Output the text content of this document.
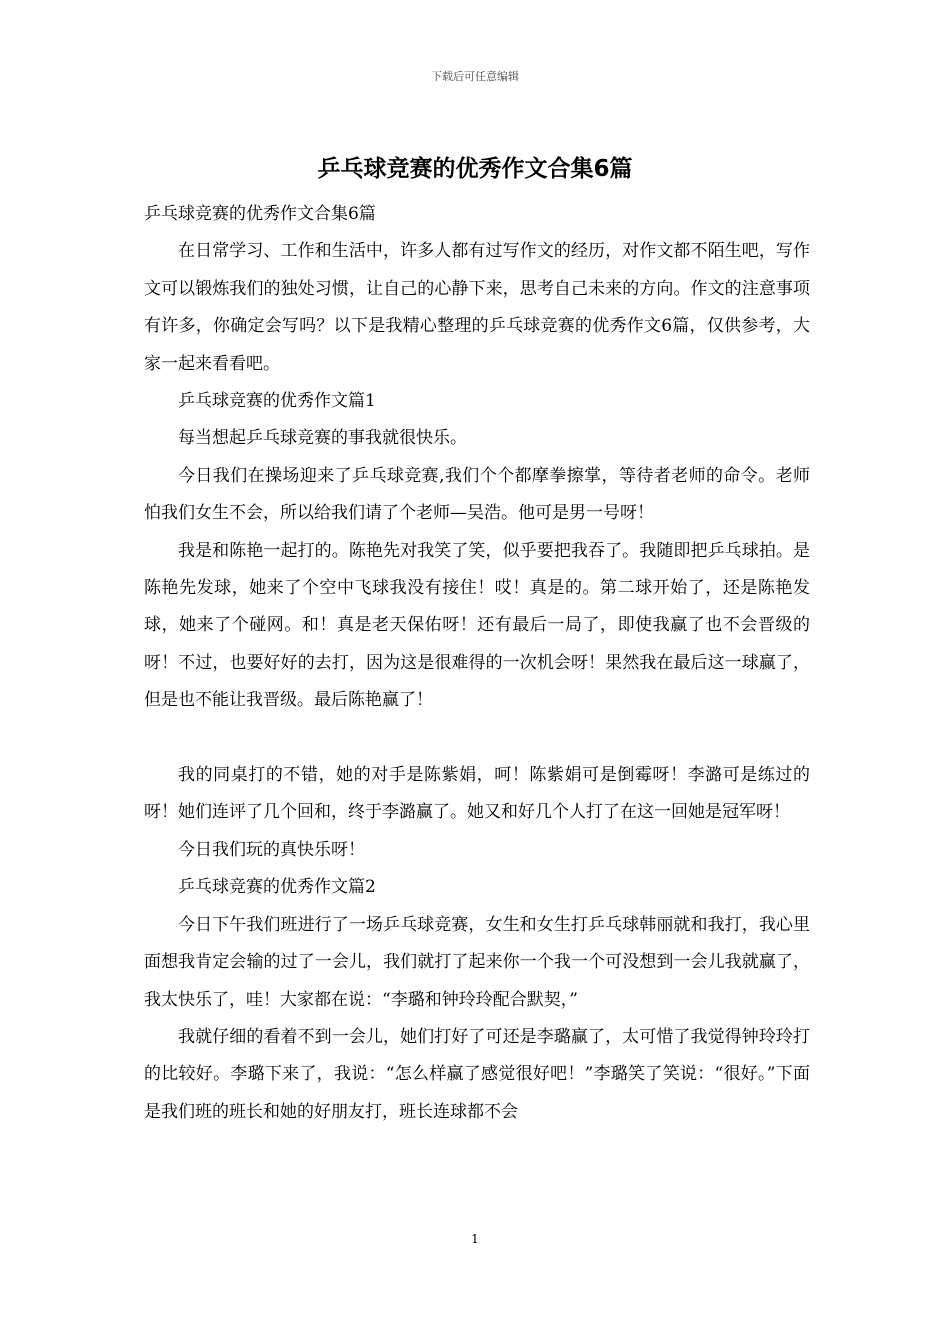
下载后可任意编辑
乒乓球竞赛的优秀作文合集6篇

乒乓球竞赛的优秀作文合集6篇

在日常学习、工作和生活中，许多人都有过写作文的经历，对作文都不陌生吧，写作文可以锻炼我们的独处习惯，让自己的心静下来，思考自己未来的方向。作文的注意事项有许多，你确定会写吗？以下是我精心整理的乒乓球竞赛的优秀作文6篇，仅供参考，大家一起来看看吧。

乒乓球竞赛的优秀作文篇1

每当想起乒乓球竞赛的事我就很快乐。

今日我们在操场迎来了乒乓球竞赛,我们个个都摩拳擦掌，等待者老师的命令。老师怕我们女生不会，所以给我们请了个老师—吴浩。他可是男一号呀！

我是和陈艳一起打的。陈艳先对我笑了笑，似乎要把我吞了。我随即把乒乓球拍。是陈艳先发球，她来了个空中飞球我没有接住！哎！真是的。第二球开始了，还是陈艳发球，她来了个碰网。和！真是老天保佑呀！还有最后一局了，即使我赢了也不会晋级的呀！不过，也要好好的去打，因为这是很难得的一次机会呀！果然我在最后这一球赢了，但是也不能让我晋级。最后陈艳赢了！

我的同桌打的不错，她的对手是陈紫娟，呵！陈紫娟可是倒霉呀！李潞可是练过的呀！她们连评了几个回和，终于李潞赢了。她又和好几个人打了在这一回她是冠军呀！

今日我们玩的真快乐呀！

乒乓球竞赛的优秀作文篇2

今日下午我们班进行了一场乒乓球竞赛，女生和女生打乒乓球韩丽就和我打，我心里面想我肯定会输的过了一会儿，我们就打了起来你一个我一个可没想到一会儿我就赢了，我太快乐了，哇！大家都在说：“李璐和钟玲玲配合默契，”

我就仔细的看着不到一会儿，她们打好了可还是李璐赢了，太可惜了我觉得钟玲玲打的比较好。李璐下来了，我说：“怎么样赢了感觉很好吧！”李璐笑了笑说：“很好。”下面是我们班的班长和她的好朋友打，班长连球都不会

1
